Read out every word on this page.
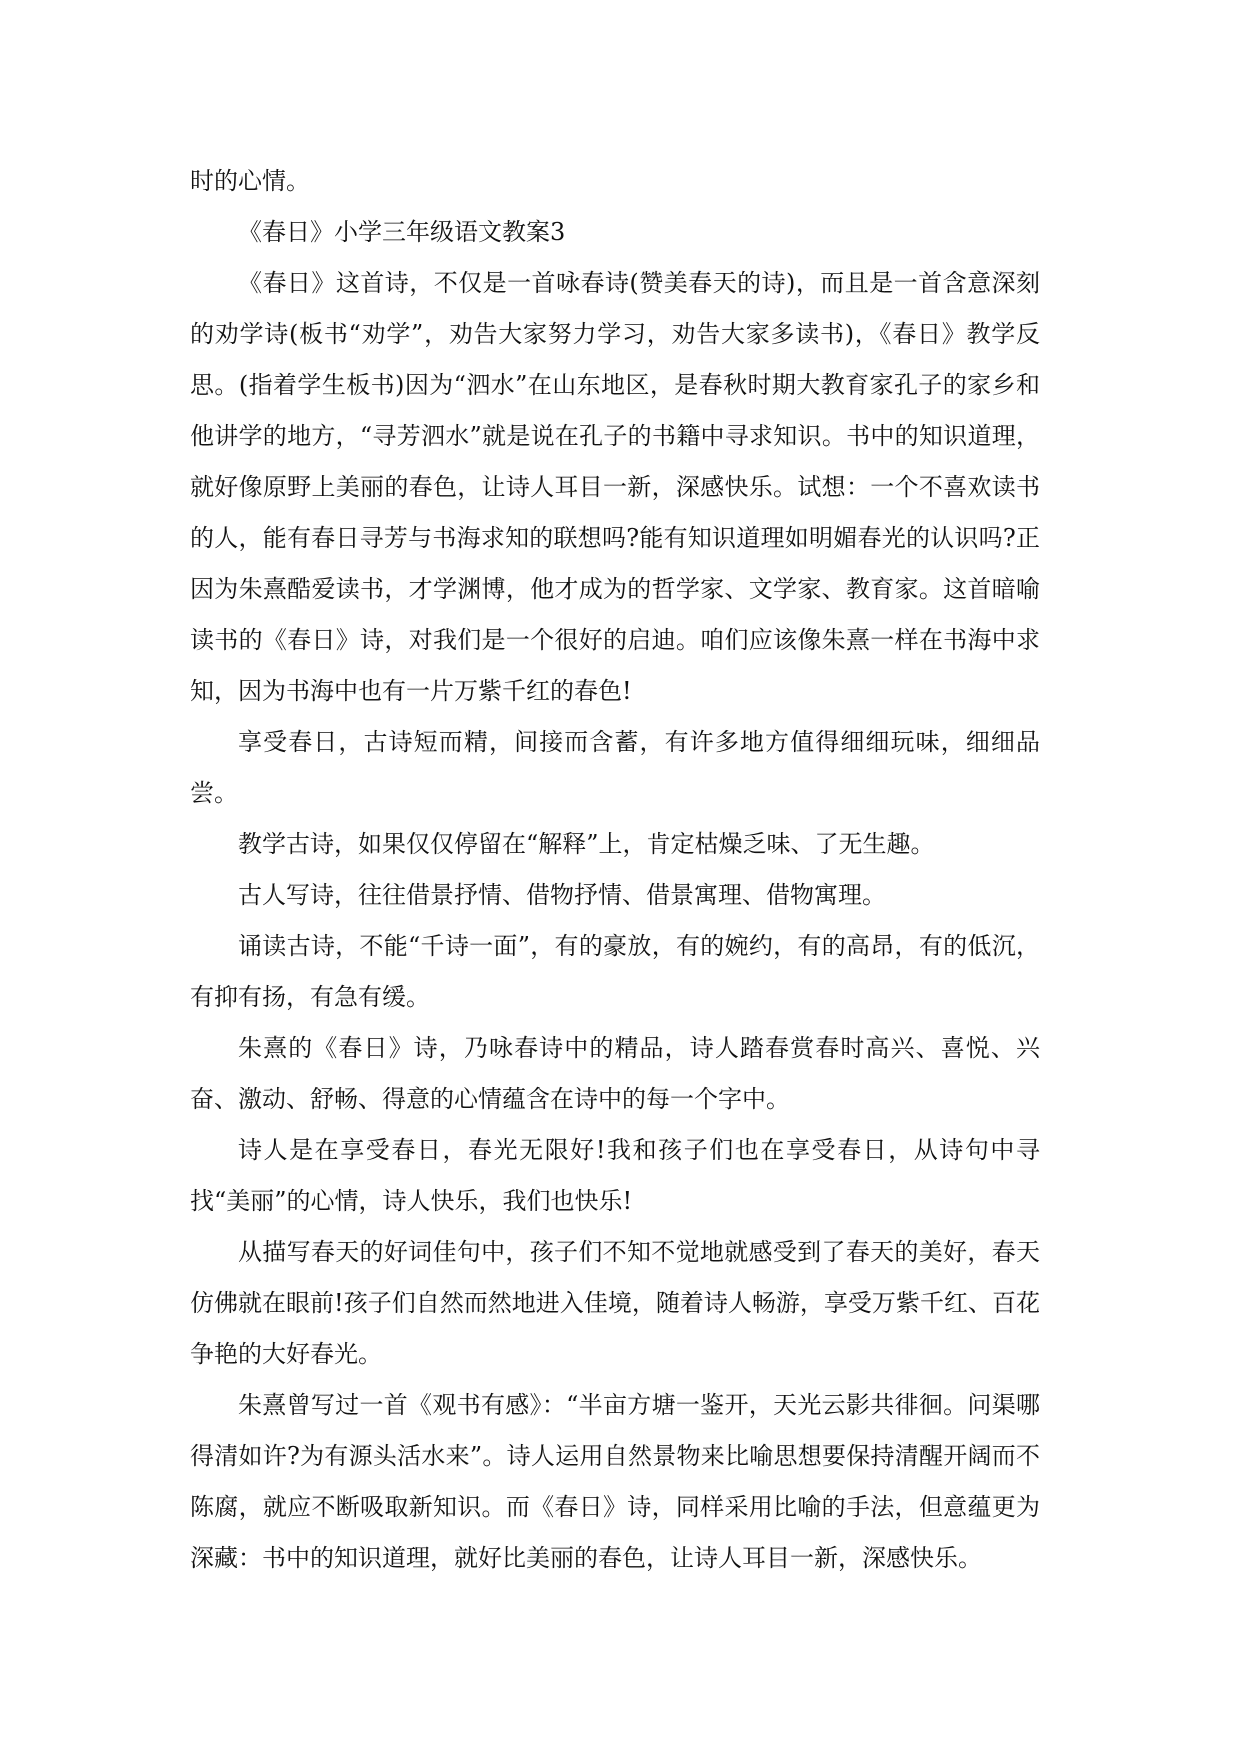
时的心情。

《春日》小学三年级语文教案3

《春日》这首诗，不仅是一首咏春诗(赞美春天的诗)，而且是一首含意深刻的劝学诗(板书“劝学”，劝告大家努力学习，劝告大家多读书)，《春日》教学反思。(指着学生板书)因为“泗水”在山东地区，是春秋时期大教育家孔子的家乡和他讲学的地方，“寻芳泗水”就是说在孔子的书籍中寻求知识。书中的知识道理，就好像原野上美丽的春色，让诗人耳目一新，深感快乐。试想：一个不喜欢读书的人，能有春日寻芳与书海求知的联想吗?能有知识道理如明媚春光的认识吗?正因为朱熹酷爱读书，才学渊博，他才成为的哲学家、文学家、教育家。这首暗喻读书的《春日》诗，对我们是一个很好的启迪。咱们应该像朱熹一样在书海中求知，因为书海中也有一片万紫千红的春色!

享受春日，古诗短而精，间接而含蓄，有许多地方值得细细玩味，细细品尝。

教学古诗，如果仅仅停留在“解释”上，肯定枯燥乏味、了无生趣。

古人写诗，往往借景抒情、借物抒情、借景寓理、借物寓理。

诵读古诗，不能“千诗一面”，有的豪放，有的婉约，有的高昂，有的低沉，有抑有扬，有急有缓。

朱熹的《春日》诗，乃咏春诗中的精品，诗人踏春赏春时高兴、喜悦、兴奋、激动、舒畅、得意的心情蕴含在诗中的每一个字中。

诗人是在享受春日，春光无限好!我和孩子们也在享受春日，从诗句中寻找“美丽”的心情，诗人快乐，我们也快乐!

从描写春天的好词佳句中，孩子们不知不觉地就感受到了春天的美好，春天仿佛就在眼前!孩子们自然而然地进入佳境，随着诗人畅游，享受万紫千红、百花争艳的大好春光。

朱熹曾写过一首《观书有感》：“半亩方塘一鉴开，天光云影共徘徊。问渠哪得清如许?为有源头活水来”。诗人运用自然景物来比喻思想要保持清醒开阔而不陈腐，就应不断吸取新知识。而《春日》诗，同样采用比喻的手法，但意蕴更为深藏：书中的知识道理，就好比美丽的春色，让诗人耳目一新，深感快乐。
